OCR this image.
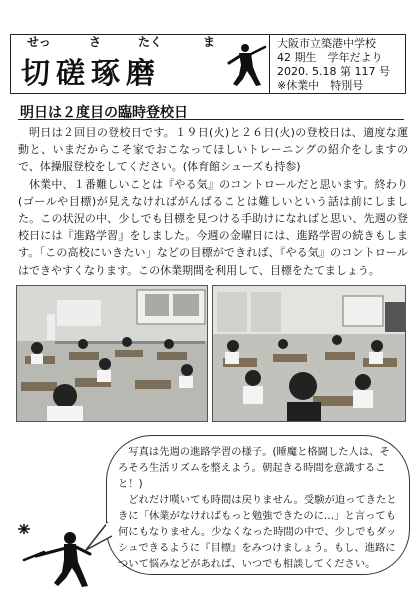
せっ	さ	たく	ま
切磋琢磨
大阪市立築港中学校
42 期生　学年だより
2020. 5.18 第 117 号
※休業中　特別号
明日は２度目の臨時登校日

明日は２回目の登校日です。１９日(火)と２６日(火)の登校日は、適度な運動と、いまだからこそ家でおこなってほしいトレーニングの紹介をしますので、体操服登校をしてください。(体育館シューズも持参)

休業中、１番難しいことは『やる気』のコントロールだと思います。終わり(ゴールや目標)が見えなければがんばることは難しいという話は前にしました。この状況の中、少しでも目標を見つける手助けになればと思い、先週の登校日には『進路学習』をしました。今週の金曜日には、進路学習の続きもします。「この高校にいきたい」などの目標ができれば、『やる気』のコントロールはできやすくなります。この休業期間を利用して、目標をたてましょう。

写真は先週の進路学習の様子。(睡魔と格闘した人は、そろそろ生活リズムを整えよう。朝起きる時間を意識すること！)

どれだけ嘆いても時間は戻りません。受験が迫ってきたときに「休業がなければもっと勉強できたのに…」と言っても何にもなりません。少なくなった時間の中で、少しでもダッシュできるように『目標』をみつけましょう。もし、進路について悩みなどがあれば、いつでも相談してください。
